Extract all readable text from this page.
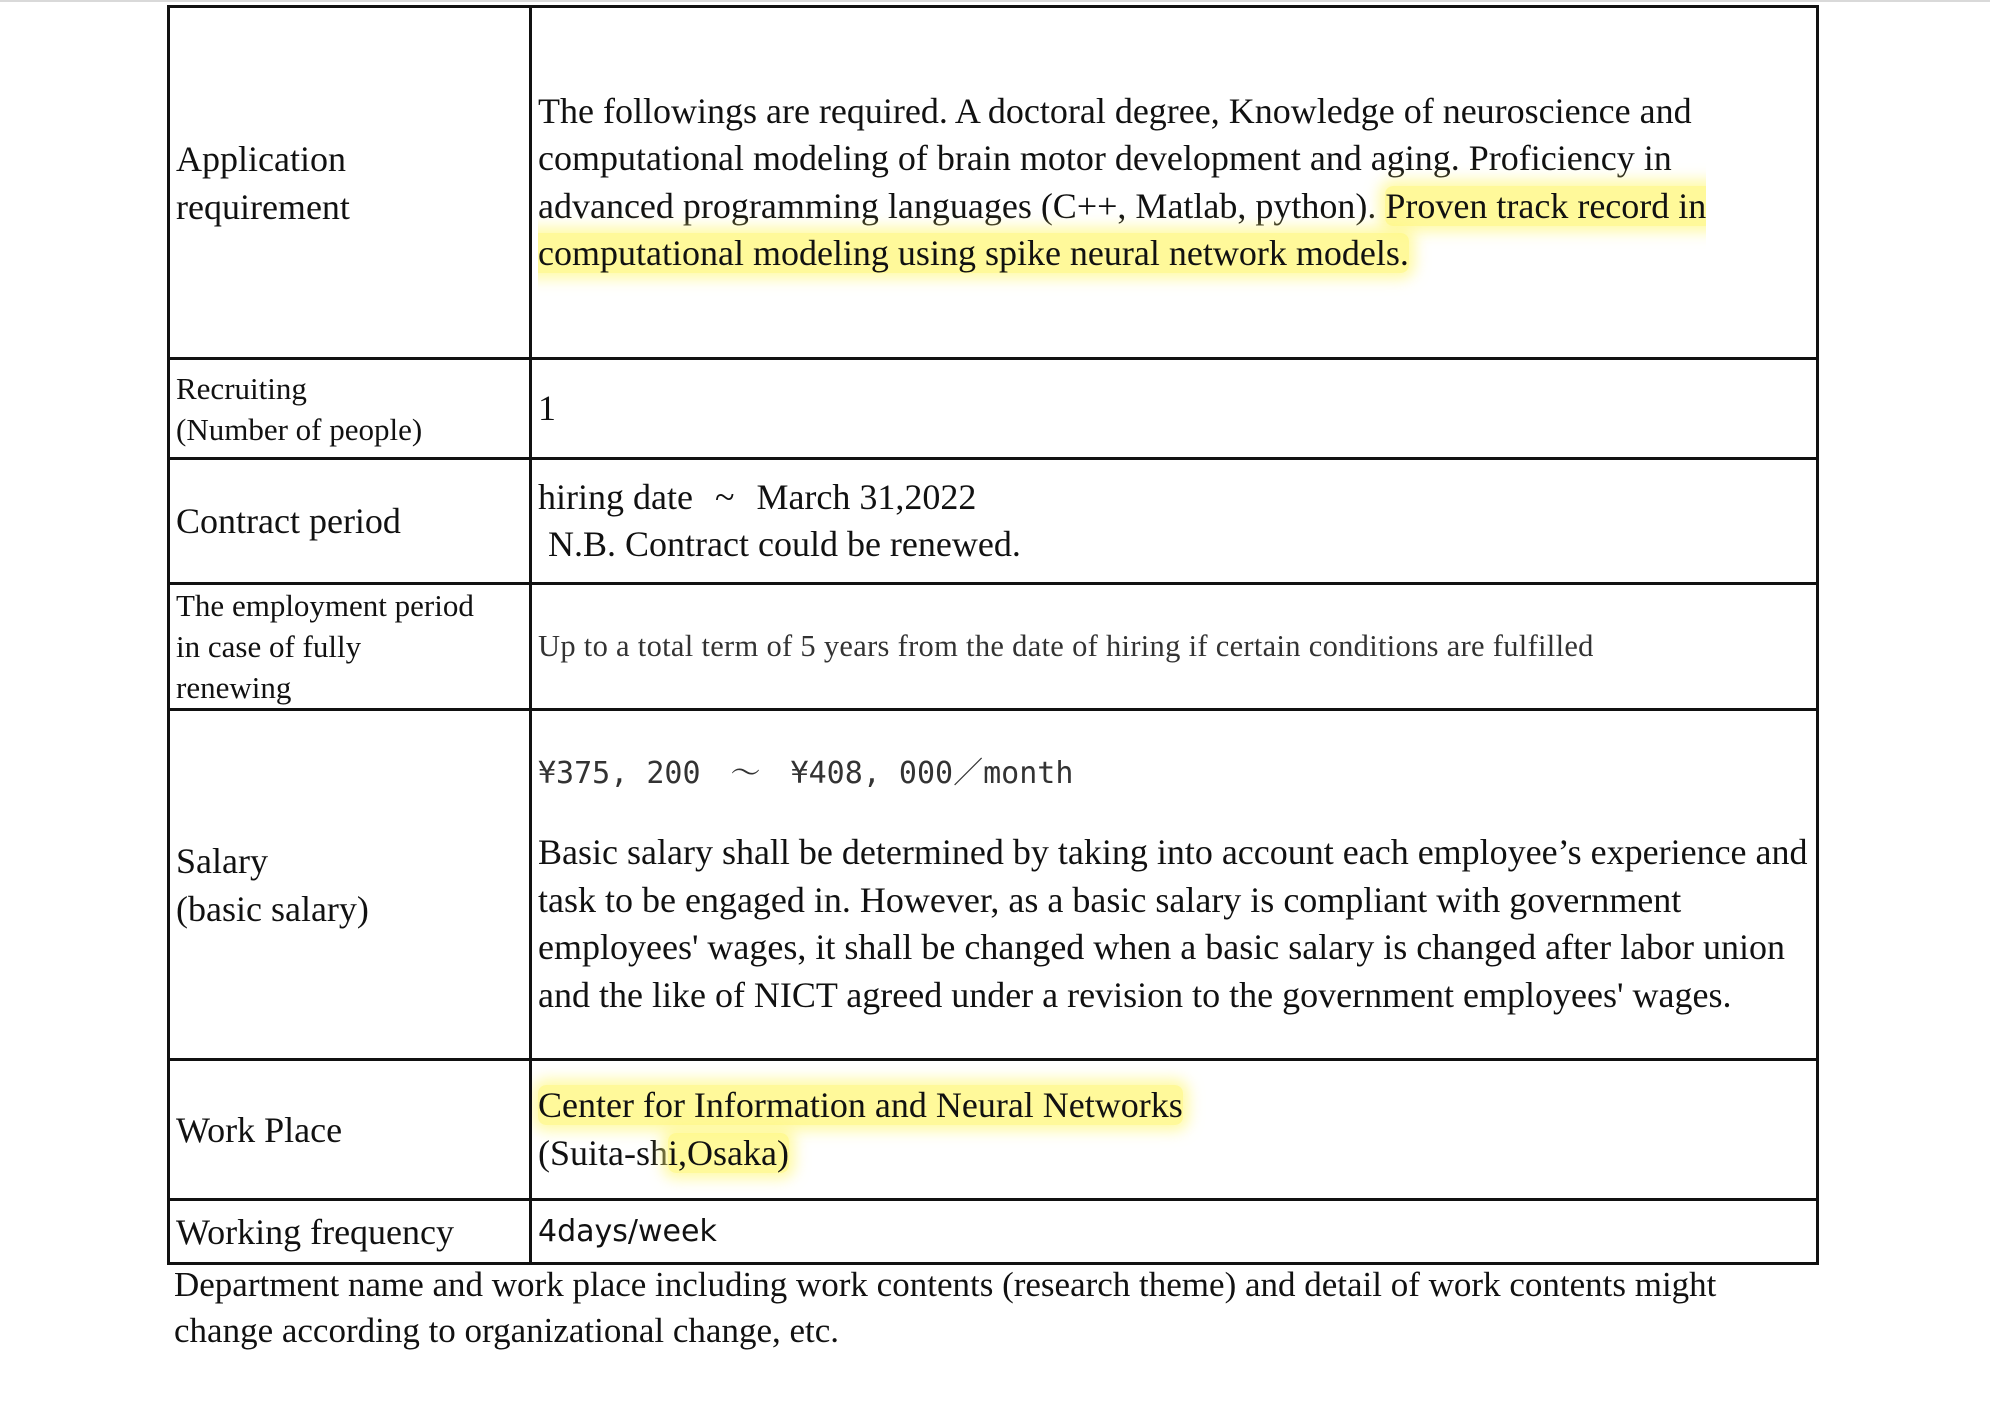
Application
requirement	The followings are required. A doctoral degree, Knowledge of neuroscience and computational modeling of brain motor development and aging. Proficiency in advanced programming languages (C++, Matlab, python). Proven track record in computational modeling using spike neural network models.

Recruiting
(Number of people)	1
Contract period	hiring date ~ March 31,2022
N.B. Contract could be renewed.

The employment period
in case of fully
renewing	Up to a total term of 5 years from the date of hiring if certain conditions are fulfilled

Salary
(basic salary)	¥375, 200　～　¥408, 000／month
Basic salary shall be determined by taking into account each employee’s experience and task to be engaged in. However, as a basic salary is compliant with government employees' wages, it shall be changed when a basic salary is changed after labor union and the like of NICT agreed under a revision to the government employees' wages.

Work Place	Center for Information and Neural Networks
(Suita-shi,Osaka)

Working frequency	4days/week
Department name and work place including work contents (research theme) and detail of work contents might change according to organizational change, etc.
